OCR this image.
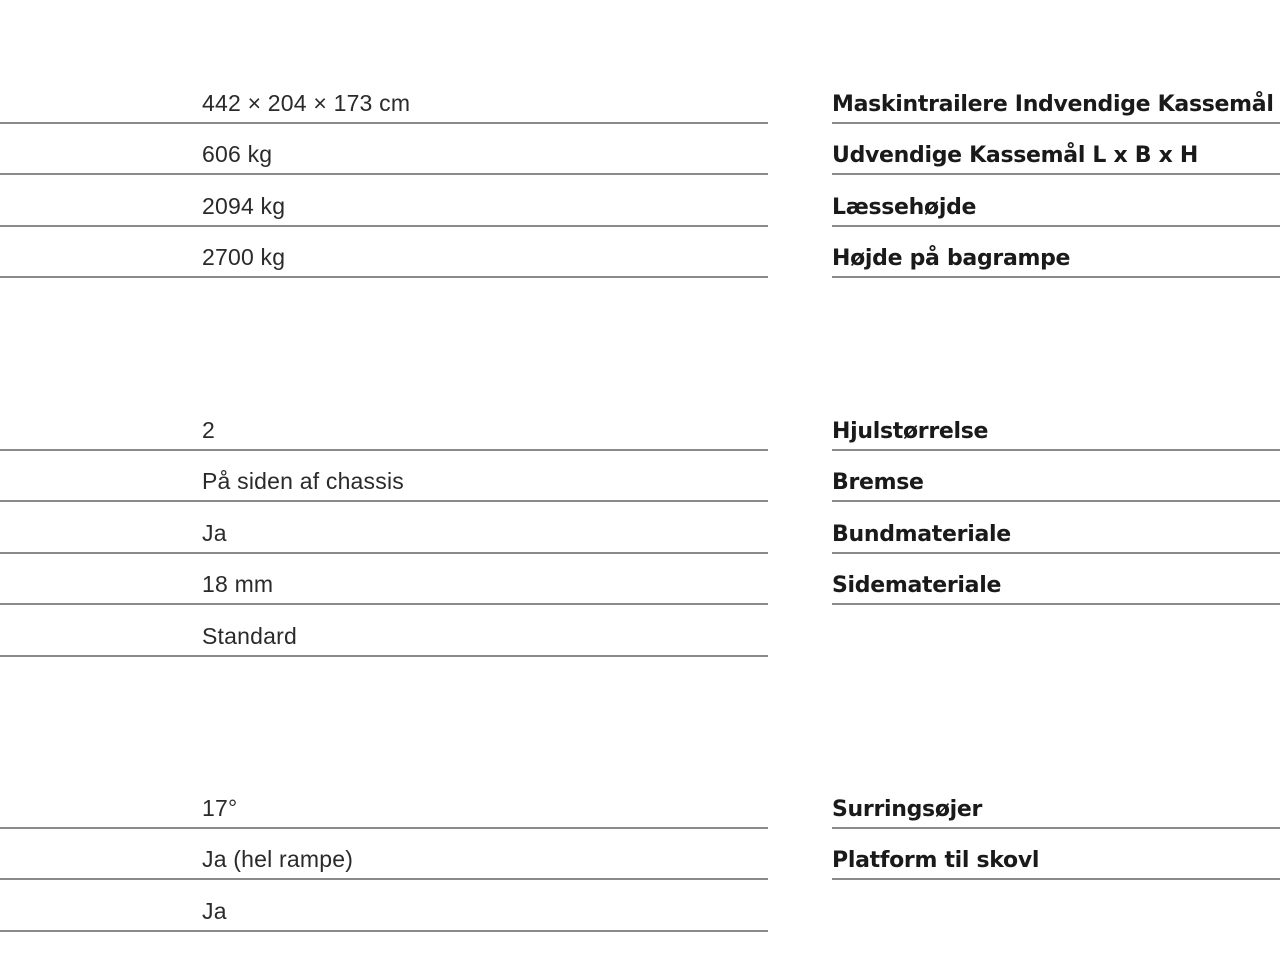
442 × 204 × 173 cm
606 kg
2094 kg
2700 kg
Maskintrailere Indvendige Kassemål
Udvendige Kassemål L x B x H
Læssehøjde
Højde på bagrampe
2
På siden af chassis
Ja
18 mm
Standard
Hjulstørrelse
Bremse
Bundmateriale
Sidemateriale
17°
Ja (hel rampe)
Ja
Surringsøjer
Platform til skovl
